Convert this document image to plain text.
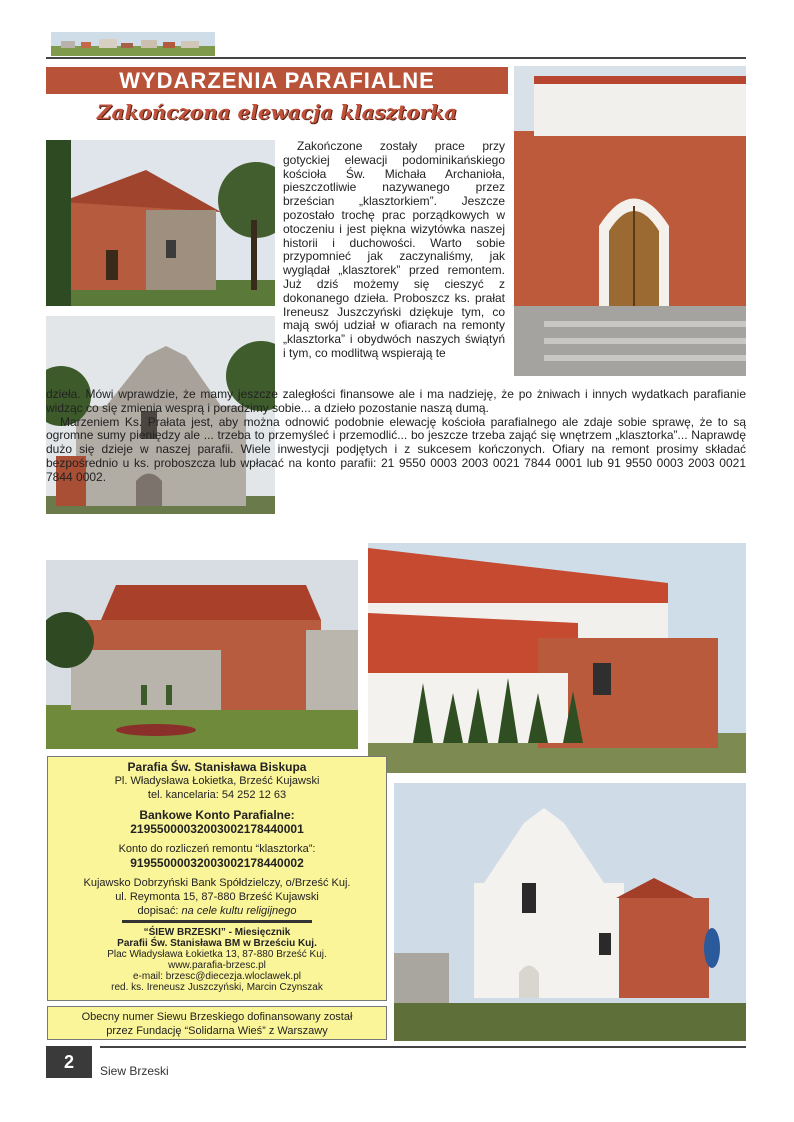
WYDARZENIA PARAFIALNE
Zakończona elewacja klasztorka

Zakończone zostały prace przy gotyckiej elewacji podominikańskiego kościoła Św. Michała Archanioła, pieszczotliwie nazywanego przez brześcian „klasztorkiem”. Jeszcze pozostało trochę prac porządkowych w otoczeniu i jest piękna wizytówka naszej historii i duchowości. Warto sobie przypomnieć jak zaczynaliśmy, jak wyglądał „klasztorek” przed remontem. Już dziś możemy się cieszyć z dokonanego dzieła. Proboszcz ks. prałat Ireneusz Juszczyński dziękuje tym, co mają swój udział w ofiarach na remonty „klasztorka” i obydwóch naszych świątyń i tym, co modlitwą wspierają te

dzieła. Mówi wprawdzie, że mamy jeszcze zaległości finansowe ale i ma nadzieję, że po żniwach i innych wydatkach parafianie widząc co się zmienia wesprą i poradzimy sobie... a dzieło pozostanie naszą dumą.

Marzeniem Ks. Prałata jest, aby można odnowić podobnie elewację kościoła parafialnego ale zdaje sobie sprawę, że to są ogromne sumy pieniędzy ale ... trzeba to przemyśleć i przemodlić... bo jeszcze trzeba zająć się wnętrzem „klasztorka”... Naprawdę dużo się dzieje w naszej parafii. Wiele inwestycji podjętych i z sukcesem kończonych. Ofiary na remont prosimy składać bezpośrednio u ks. proboszcza lub wpłacać na konto parafii: 21 9550 0003 2003 0021 7844 0001 lub 91 9550 0003 2003 0021 7844 0002.

Parafia Św. Stanisława Biskupa
Pl. Władysława Łokietka, Brześć Kujawski
tel. kancelaria: 54 252 12 63
Bankowe Konto Parafialne:
21955000032003002178440001
Konto do rozliczeń remontu “klasztorka”:
91955000032003002178440002
Kujawsko Dobrzyński Bank Spółdzielczy, o/Brześć Kuj.
ul. Reymonta 15, 87-880 Brześć Kujawski
dopisać: na cele kultu religijnego
“ŚIEW BRZESKI” - Miesięcznik
Parafii Św. Stanisława BM w Brześciu Kuj.
Plac Władysława Łokietka 13, 87-880 Brześć Kuj.
www.parafia-brzesc.pl
e-mail: brzesc@diecezja.wloclawek.pl
red. ks. Ireneusz Juszczyński, Marcin Czynszak
Obecny numer Siewu Brzeskiego dofinansowany został
przez Fundację “Solidarna Wieś” z Warszawy
2	Siew Brzeski
